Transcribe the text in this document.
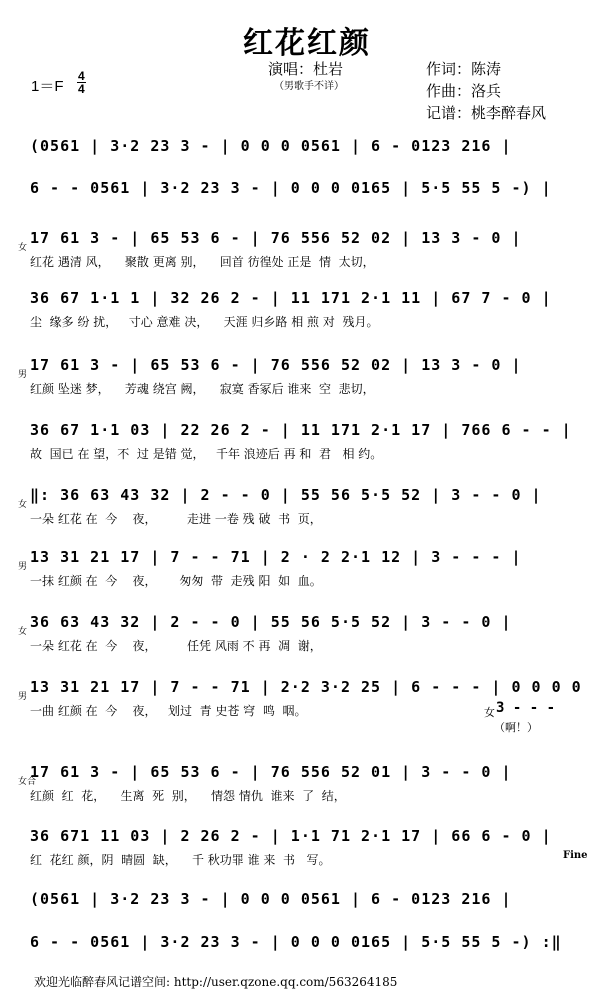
红花红颜
演唱：杜岩
（男歌手不详）
作词：陈涛
作曲：洛兵
记谱：桃李醉春风
1＝F
4
4
(0561 | 3·2 23 3 - | 0 0 0 0561 | 6 - 0123 216 |
6 - - 0561 | 3·2 23 3 - | 0 0 0 0165 | 5·5 55 5 -) |
17 61 3 - | 65 53 6 - | 76 556 52 02 | 13 3 - 0 |
红花 遇清 风，    聚散 更离 别，    回首 彷徨处 正是  情  太切，
女
36 67 1·1 1 | 32 26 2 - | 11 171 2·1 11 | 67 7 - 0 |
尘  缘多 纷 扰，   寸心 意难 决，    天涯 归乡路 相 煎 对  残月。
17 61 3 - | 65 53 6 - | 76 556 52 02 | 13 3 - 0 |
红颜 坠迷 梦，    芳魂 绕宫 阙，    寂寞 香冢后 谁来  空  悲切，
男
36 67 1·1 03 | 22 26 2 - | 11 171 2·1 17 | 766 6 - - |
故  国已 在 望，不  过 是错 觉，   千年 浪迹后 再 和  君   相 约。
‖: 36 63 43 32 | 2 - - 0 | 55 56 5·5 52 | 3 - - 0 |
一朵 红花 在  今    夜，        走进 一卷 残 破  书  页，
女
13 31 21 17 | 7 - - 71 | 2 · 2 2·1 12 | 3 - - - |
一抹 红颜 在  今    夜，      匆匆  带  走残 阳  如  血。
男
36 63 43 32 | 2 - - 0 | 55 56 5·5 52 | 3 - - 0 |
一朵 红花 在  今    夜，        任凭 风雨 不 再  凋  谢，
女
13 31 21 17 | 7 - - 71 | 2·2 3·2 25 | 6 - - - | 0 0 0 0
一曲 红颜 在  今    夜，   划过  青 史苍 穹  鸣  咽。
男
17 61 3 - | 65 53 6 - | 76 556 52 01 | 3 - - 0 |
红颜  红  花，    生离  死  别，    情怨 情仇  谁来  了  结，
女合
36 671 11 03 | 2 26 2 - | 1·1 71 2·1 17 | 66 6 - 0 |
红  花红 颜，阴  晴圆  缺，    千 秋功罪 谁 来  书   写。
(0561 | 3·2 23 3 - | 0 0 0 0561 | 6 - 0123 216 |
6 - - 0561 | 3·2 23 3 - | 0 0 0 0165 | 5·5 55 5 -) :‖
女 3 - - -
（啊！）
Fine
欢迎光临醉春风记谱空间: http://user.qzone.qq.com/563264185
